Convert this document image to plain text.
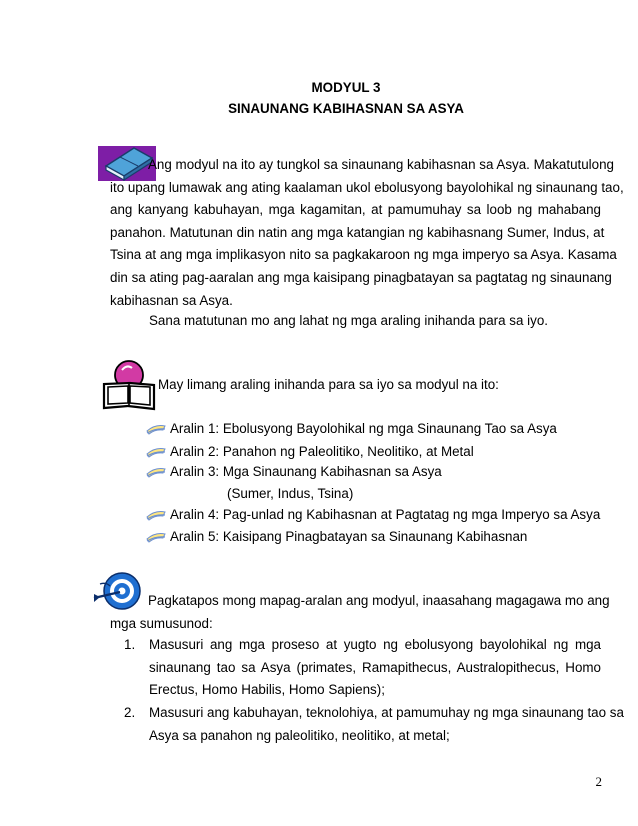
MODYUL 3
SINAUNANG KABIHASNAN SA ASYA
Ang modyul na ito ay tungkol sa sinaunang kabihasnan sa Asya. Makatutulong
ito upang lumawak ang ating kaalaman ukol ebolusyong bayolohikal ng sinaunang tao,
ang kanyang kabuhayan, mga kagamitan, at pamumuhay sa loob ng mahabang
panahon. Matutunan din natin ang mga katangian ng kabihasnang Sumer, Indus, at
Tsina at ang mga implikasyon nito sa pagkakaroon ng mga imperyo sa Asya. Kasama
din sa ating pag-aaralan ang mga kaisipang pinagbatayan sa pagtatag ng sinaunang
kabihasnan sa Asya.
Sana matutunan mo ang lahat ng mga araling inihanda para sa iyo.
May limang araling inihanda para sa iyo sa modyul na ito:
Aralin 1: Ebolusyong Bayolohikal ng mga Sinaunang Tao sa Asya
Aralin 2: Panahon ng Paleolitiko, Neolitiko, at Metal
Aralin 3: Mga Sinaunang Kabihasnan sa Asya
(Sumer, Indus, Tsina)
Aralin 4: Pag-unlad ng Kabihasnan at Pagtatag ng mga Imperyo sa Asya
Aralin 5: Kaisipang Pinagbatayan sa Sinaunang Kabihasnan
Pagkatapos mong mapag-aralan ang modyul, inaasahang magagawa mo ang
mga sumusunod:
1. Masusuri ang mga proseso at yugto ng ebolusyong bayolohikal ng mga
sinaunang tao sa Asya (primates, Ramapithecus, Australopithecus, Homo
Erectus, Homo Habilis, Homo Sapiens);
2. Masusuri ang kabuhayan, teknolohiya, at pamumuhay ng mga sinaunang tao sa
Asya sa panahon ng paleolitiko, neolitiko, at metal;
2
